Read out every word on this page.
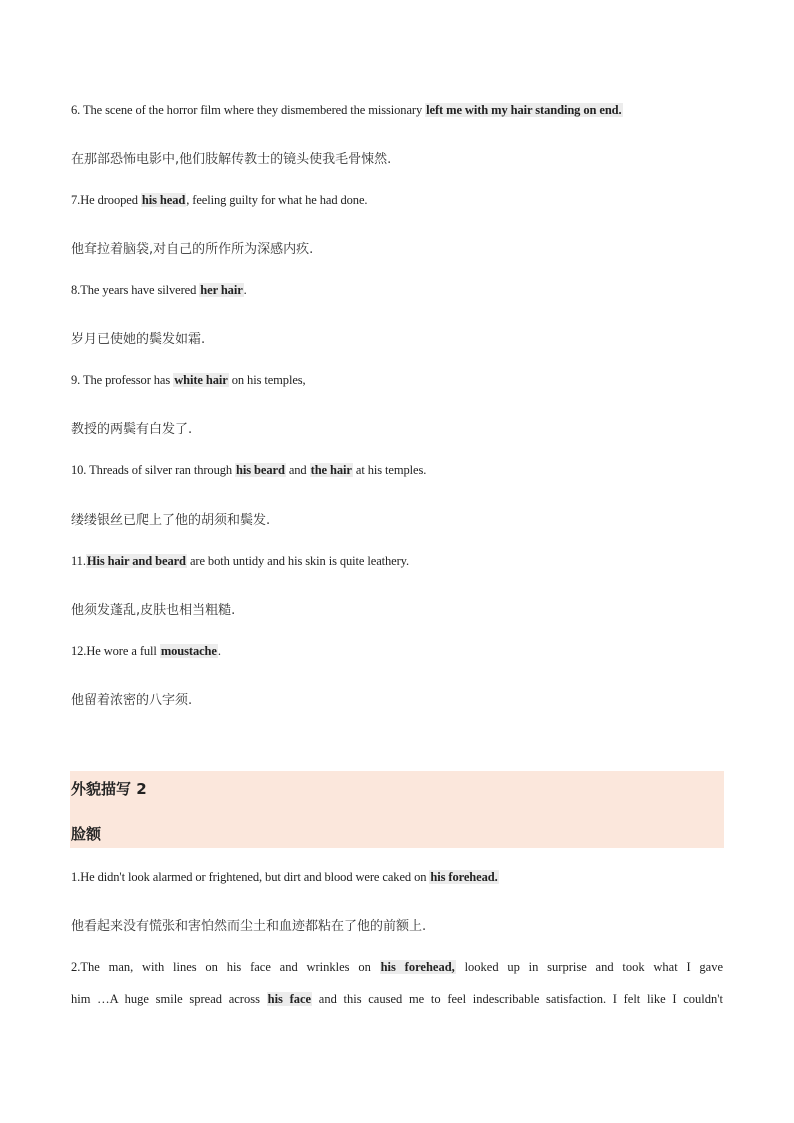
6. The scene of the horror film where they dismembered the missionary left me with my hair standing on end.
在那部恐怖电影中,他们肢解传教士的镜头使我毛骨悚然.
7.He drooped his head, feeling guilty for what he had done.
他耷拉着脑袋,对自己的所作所为深感内疚.
8.The years have silvered her hair.
岁月已使她的鬓发如霜.
9. The professor has white hair on his temples,
教授的两鬓有白发了.
10. Threads of silver ran through his beard and the hair at his temples.
缕缕银丝已爬上了他的胡须和鬓发.
11.His hair and beard are both untidy and his skin is quite leathery.
他须发蓬乱,皮肤也相当粗糙.
12.He wore a full moustache.
他留着浓密的八字须.
外貌描写 2
脸额
1.He didn't look alarmed or frightened, but dirt and blood were caked on his forehead.
他看起来没有慌张和害怕然而尘土和血迹都粘在了他的前额上.
2.The man, with lines on his face and wrinkles on his forehead, looked up in surprise and took what I gave
him …A huge smile spread across his face and this caused me to feel indescribable satisfaction. I felt like I couldn't
